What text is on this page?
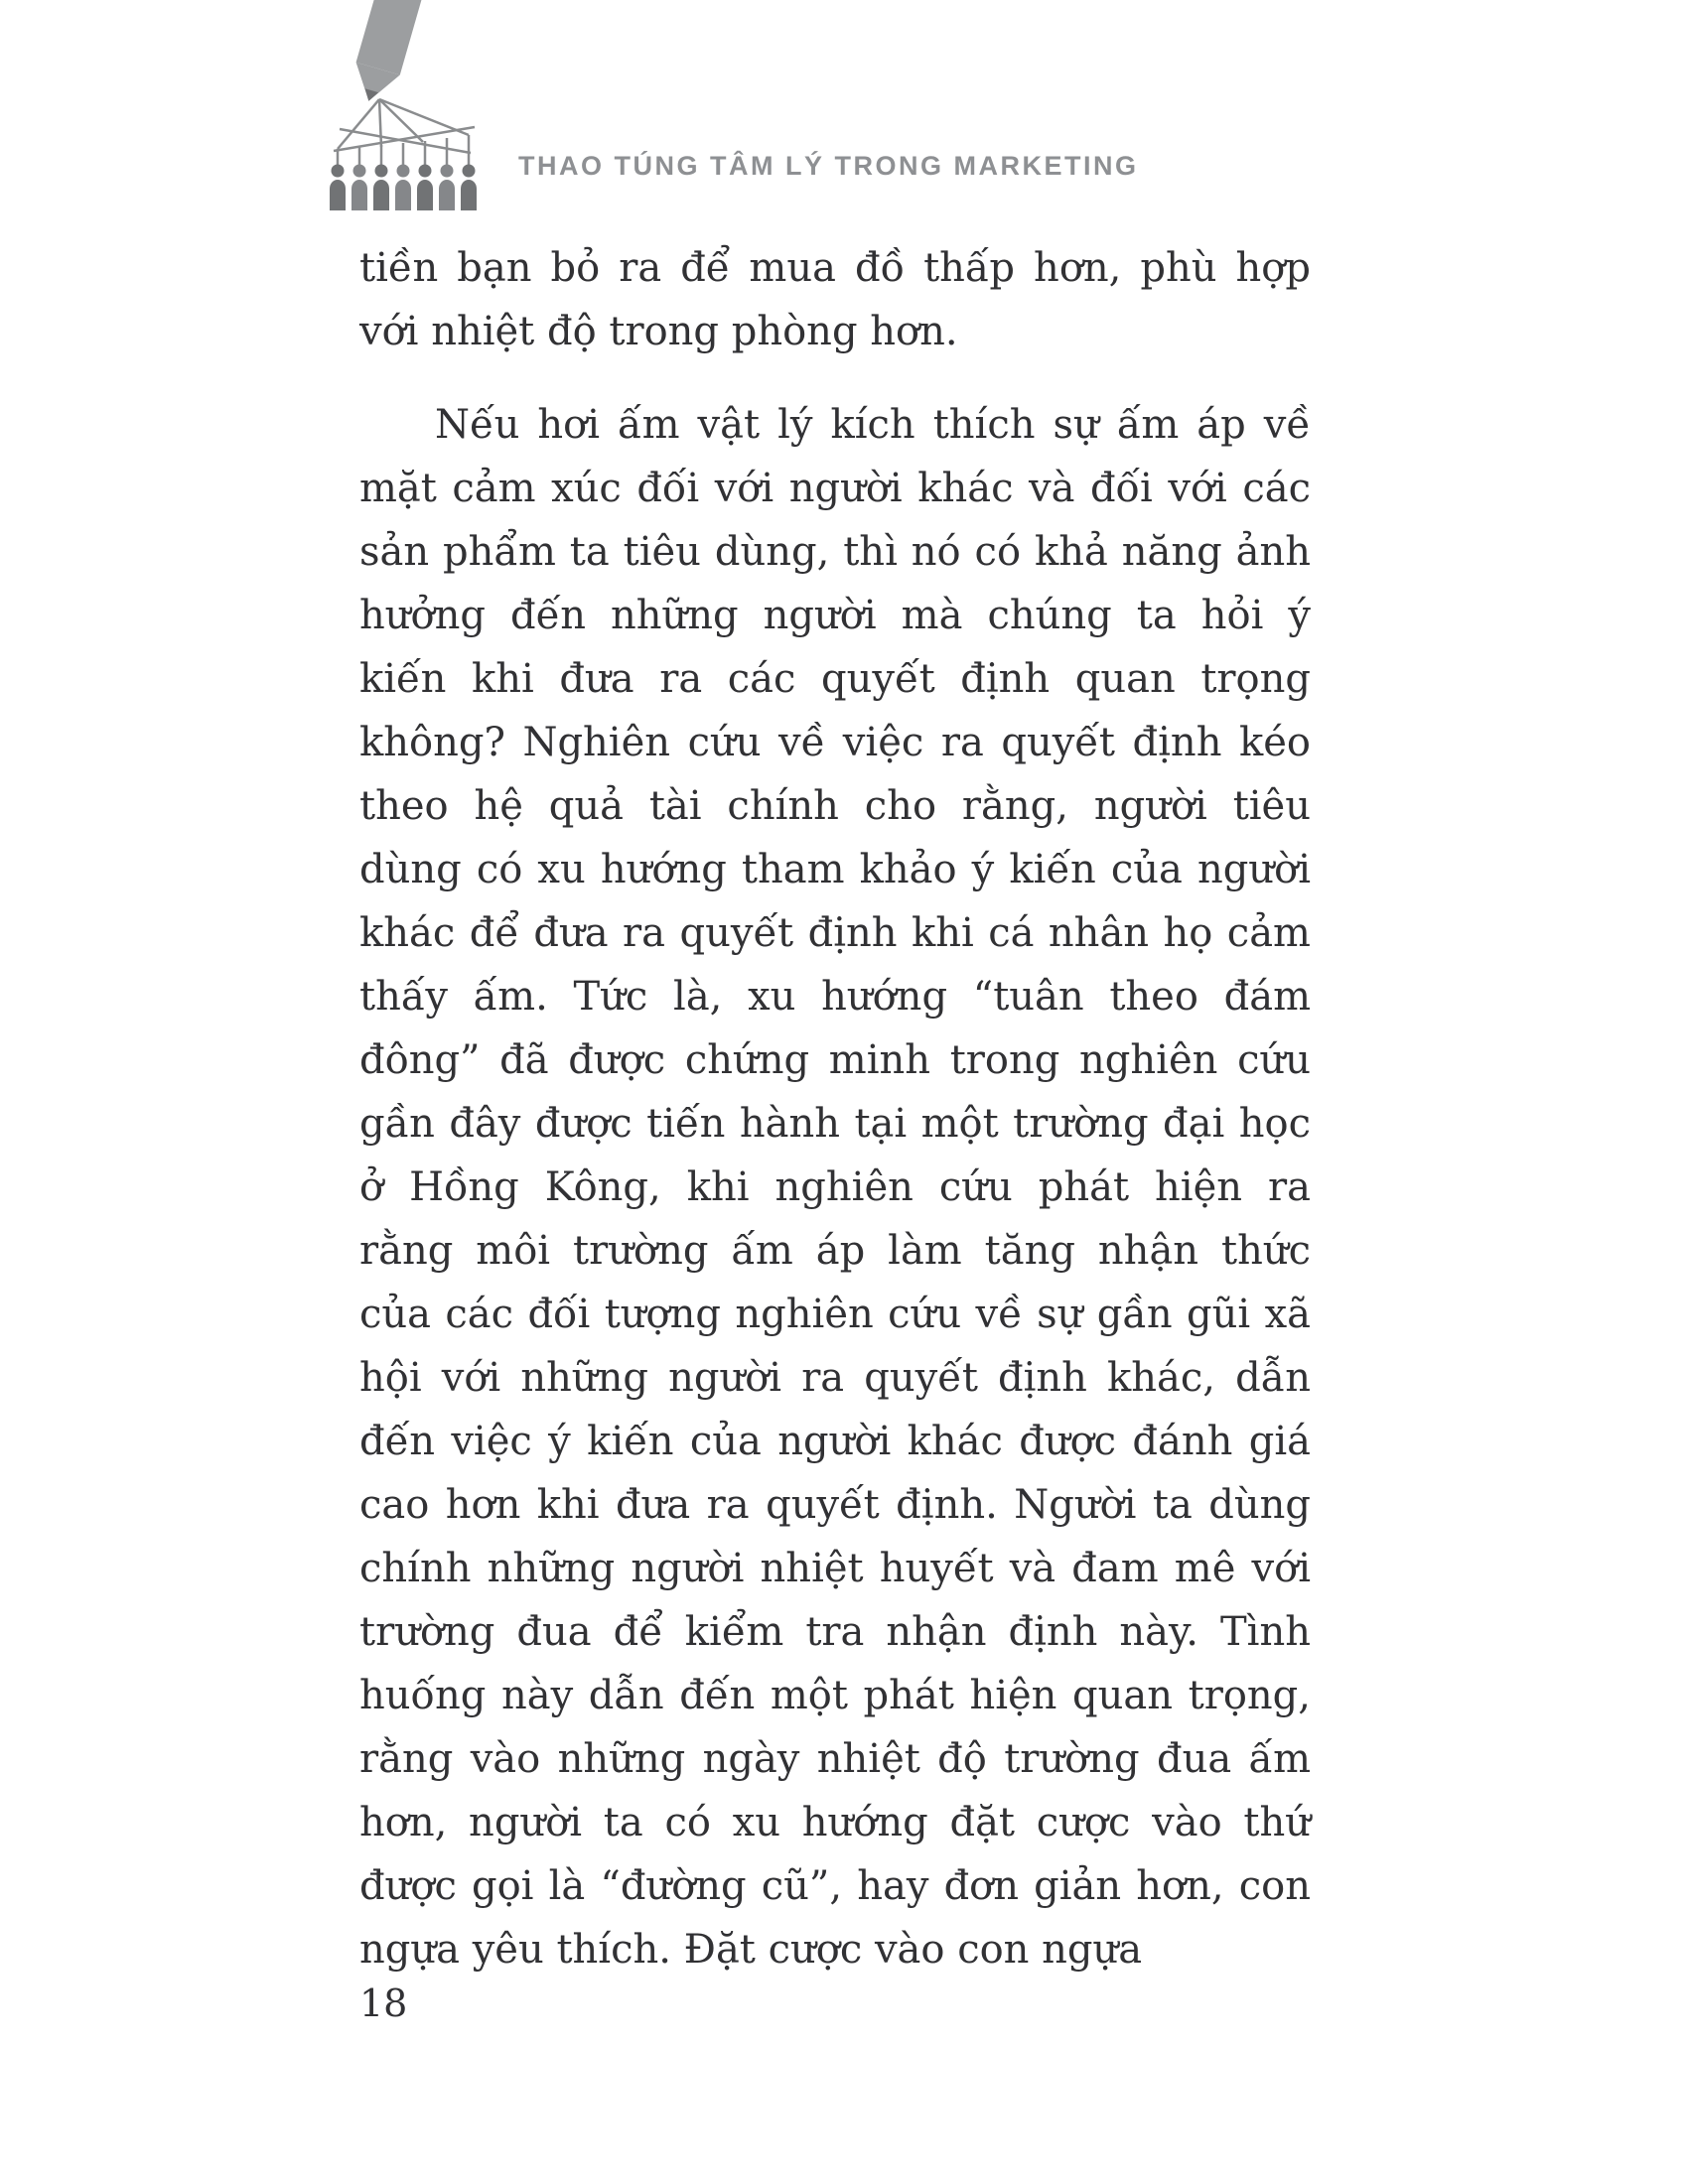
THAO TÚNG TÂM LÝ TRONG MARKETING

tiền bạn bỏ ra để mua đồ thấp hơn, phù hợp với nhiệt độ trong phòng hơn.

Nếu hơi ấm vật lý kích thích sự ấm áp về mặt cảm xúc đối với người khác và đối với các sản phẩm ta tiêu dùng, thì nó có khả năng ảnh hưởng đến những người mà chúng ta hỏi ý kiến khi đưa ra các quyết định quan trọng không? Nghiên cứu về việc ra quyết định kéo theo hệ quả tài chính cho rằng, người tiêu dùng có xu hướng tham khảo ý kiến của người khác để đưa ra quyết định khi cá nhân họ cảm thấy ấm. Tức là, xu hướng “tuân theo đám đông” đã được chứng minh trong nghiên cứu gần đây được tiến hành tại một trường đại học ở Hồng Kông, khi nghiên cứu phát hiện ra rằng môi trường ấm áp làm tăng nhận thức của các đối tượng nghiên cứu về sự gần gũi xã hội với những người ra quyết định khác, dẫn đến việc ý kiến của người khác được đánh giá cao hơn khi đưa ra quyết định. Người ta dùng chính những người nhiệt huyết và đam mê với trường đua để kiểm tra nhận định này. Tình huống này dẫn đến một phát hiện quan trọng, rằng vào những ngày nhiệt độ trường đua ấm hơn, người ta có xu hướng đặt cược vào thứ được gọi là “đường cũ”, hay đơn giản hơn, con ngựa yêu thích. Đặt cược vào con ngựa

18
